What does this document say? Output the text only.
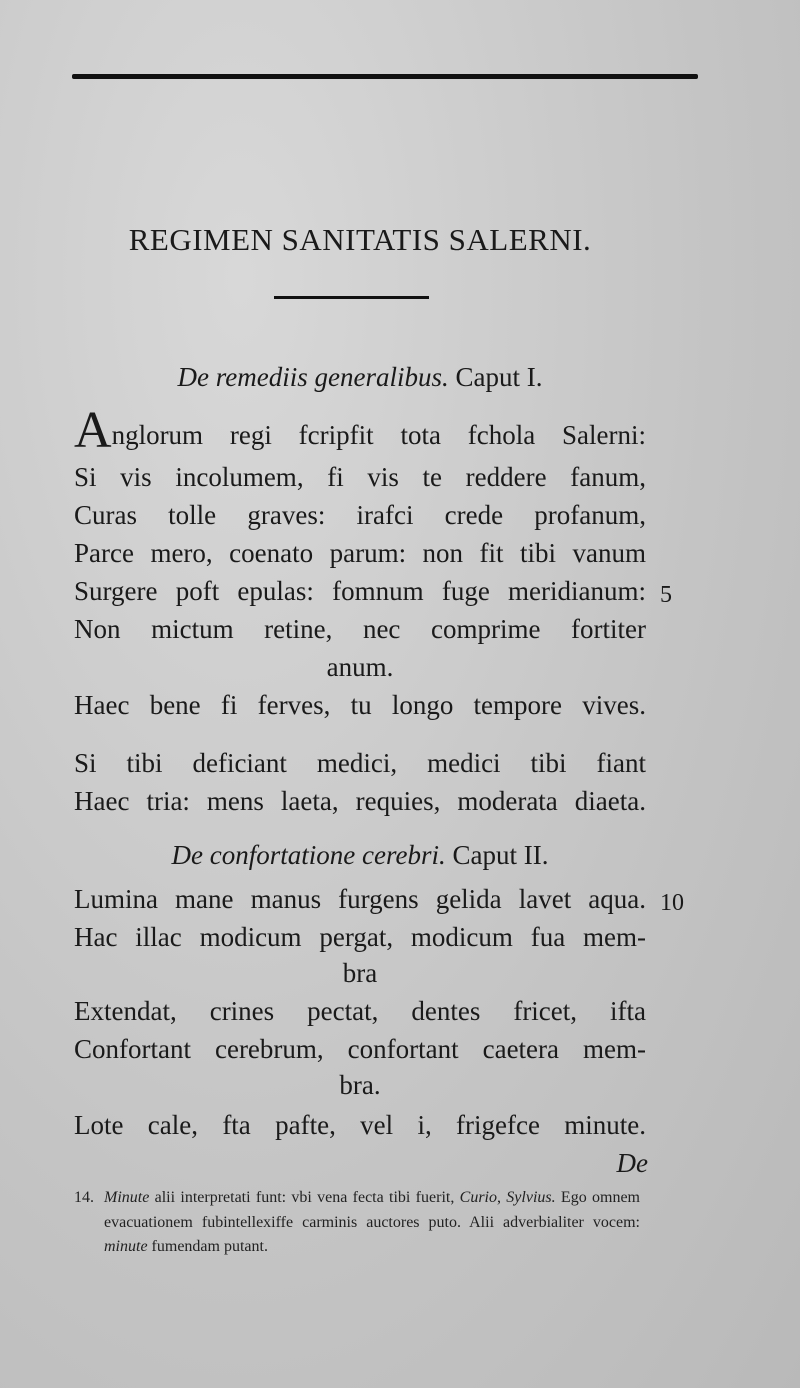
REGIMEN SANITATIS SALERNI.
De remediis generalibus. Caput I.
Anglorum regi fcripfit tota fchola Salerni:
Si vis incolumem, fi vis te reddere fanum,
Curas tolle graves: irafci crede profanum,
Parce mero, coenato parum: non fit tibi vanum
Surgere poft epulas: fomnum fuge meridianum: 5
Non mictum retine, nec comprime fortiter
anum.
Haec bene fi ferves, tu longo tempore vives.
Si tibi deficiant medici, medici tibi fiant
Haec tria: mens laeta, requies, moderata diaeta.
De confortatione cerebri. Caput II.
Lumina mane manus furgens gelida lavet aqua. 10
Hac illac modicum pergat, modicum fua mem-
bra
Extendat, crines pectat, dentes fricet, ifta
Confortant cerebrum, confortant caetera mem-
bra.
Lote cale, fta pafte, vel i, frigefce minute.
De
14. Minute alii interpretati funt: vbi vena fecta tibi fuerit, Curio, Sylvius. Ego omnem evacuationem fubintellexiffe carminis auctores puto. Alii adverbialiter vocem: minute fumendam putant.
